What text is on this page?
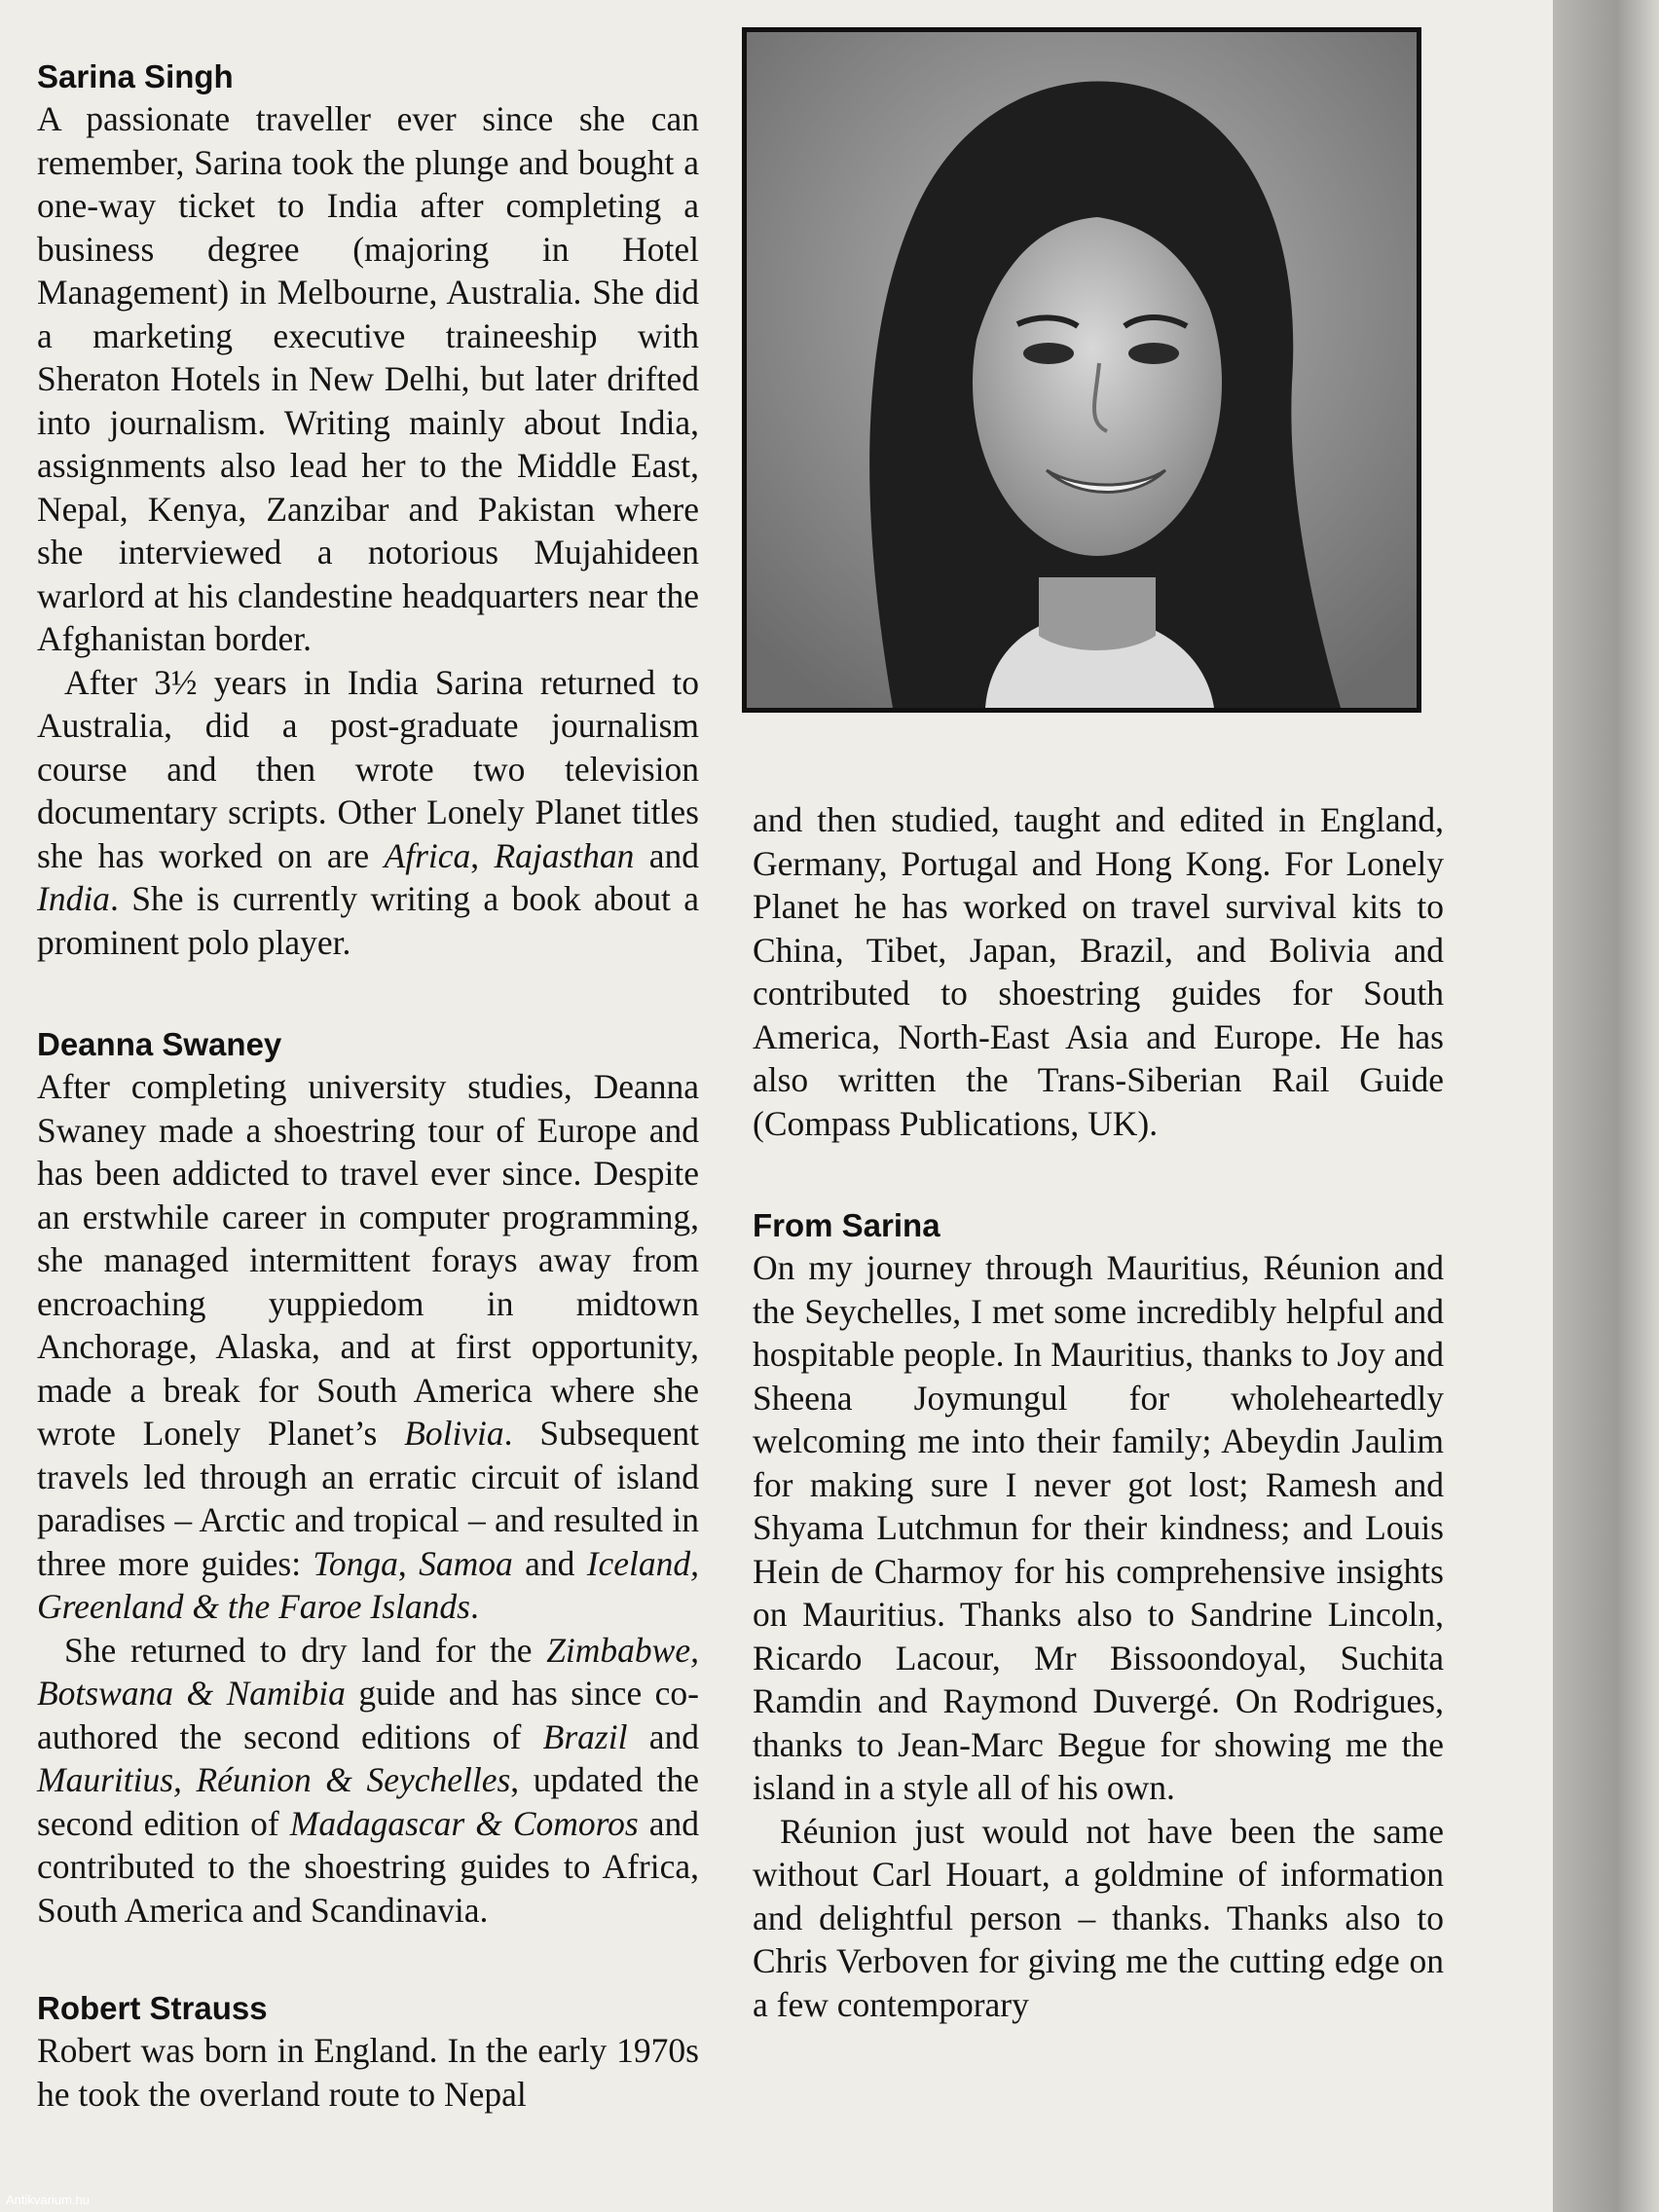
Sarina Singh

A passionate traveller ever since she can remember, Sarina took the plunge and bought a one-way ticket to India after completing a business degree (majoring in Hotel Management) in Melbourne, Australia. She did a marketing executive traineeship with Sheraton Hotels in New Delhi, but later drifted into journalism. Writing mainly about India, assignments also lead her to the Middle East, Nepal, Kenya, Zanzibar and Pakistan where she interviewed a notorious Mujahideen warlord at his clandestine headquarters near the Afghanistan border.

After 3½ years in India Sarina returned to Australia, did a post-graduate journalism course and then wrote two television documentary scripts. Other Lonely Planet titles she has worked on are Africa, Rajasthan and India. She is currently writing a book about a prominent polo player.

Deanna Swaney

After completing university studies, Deanna Swaney made a shoestring tour of Europe and has been addicted to travel ever since. Despite an erstwhile career in computer programming, she managed intermittent forays away from encroaching yuppiedom in midtown Anchorage, Alaska, and at first opportunity, made a break for South America where she wrote Lonely Planet’s Bolivia. Subsequent travels led through an erratic circuit of island paradises – Arctic and tropical – and resulted in three more guides: Tonga, Samoa and Iceland, Greenland & the Faroe Islands.

She returned to dry land for the Zimbabwe, Botswana & Namibia guide and has since co-authored the second editions of Brazil and Mauritius, Réunion & Seychelles, updated the second edition of Madagascar & Comoros and contributed to the shoestring guides to Africa, South America and Scandinavia.

Robert Strauss

Robert was born in England. In the early 1970s he took the overland route to Nepal

and then studied, taught and edited in England, Germany, Portugal and Hong Kong. For Lonely Planet he has worked on travel survival kits to China, Tibet, Japan, Brazil, and Bolivia and contributed to shoestring guides for South America, North-East Asia and Europe. He has also written the Trans-Siberian Rail Guide (Compass Publications, UK).

From Sarina

On my journey through Mauritius, Réunion and the Seychelles, I met some incredibly helpful and hospitable people. In Mauritius, thanks to Joy and Sheena Joymungul for wholeheartedly welcoming me into their family; Abeydin Jaulim for making sure I never got lost; Ramesh and Shyama Lutchmun for their kindness; and Louis Hein de Charmoy for his comprehensive insights on Mauritius. Thanks also to Sandrine Lincoln, Ricardo Lacour, Mr Bissoondoyal, Suchita Ramdin and Raymond Duvergé. On Rodrigues, thanks to Jean-Marc Begue for showing me the island in a style all of his own.

Réunion just would not have been the same without Carl Houart, a goldmine of information and delightful person – thanks. Thanks also to Chris Verboven for giving me the cutting edge on a few contemporary

Antikvarium.hu
